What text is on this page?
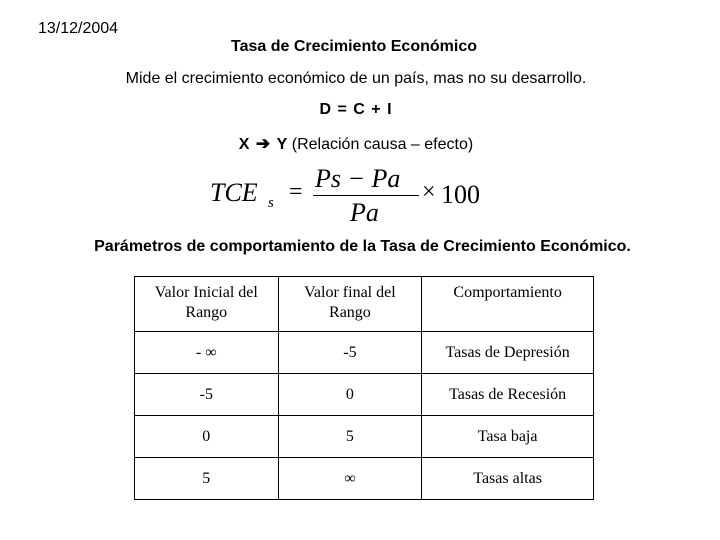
13/12/2004
Tasa de Crecimiento Económico
Mide el crecimiento económico de un país, mas no su desarrollo.
D = C + I
X ➔ Y (Relación causa – efecto)
TCE s = Ps − Pa
Pa
× 100
Parámetros de comportamiento de la Tasa de Crecimiento Económico.
Valor Inicial del Rango	Valor final del Rango	Comportamiento
- ∞	-5	Tasas de Depresión
-5	0	Tasas de Recesión
0	5	Tasa baja
5	∞	Tasas altas
